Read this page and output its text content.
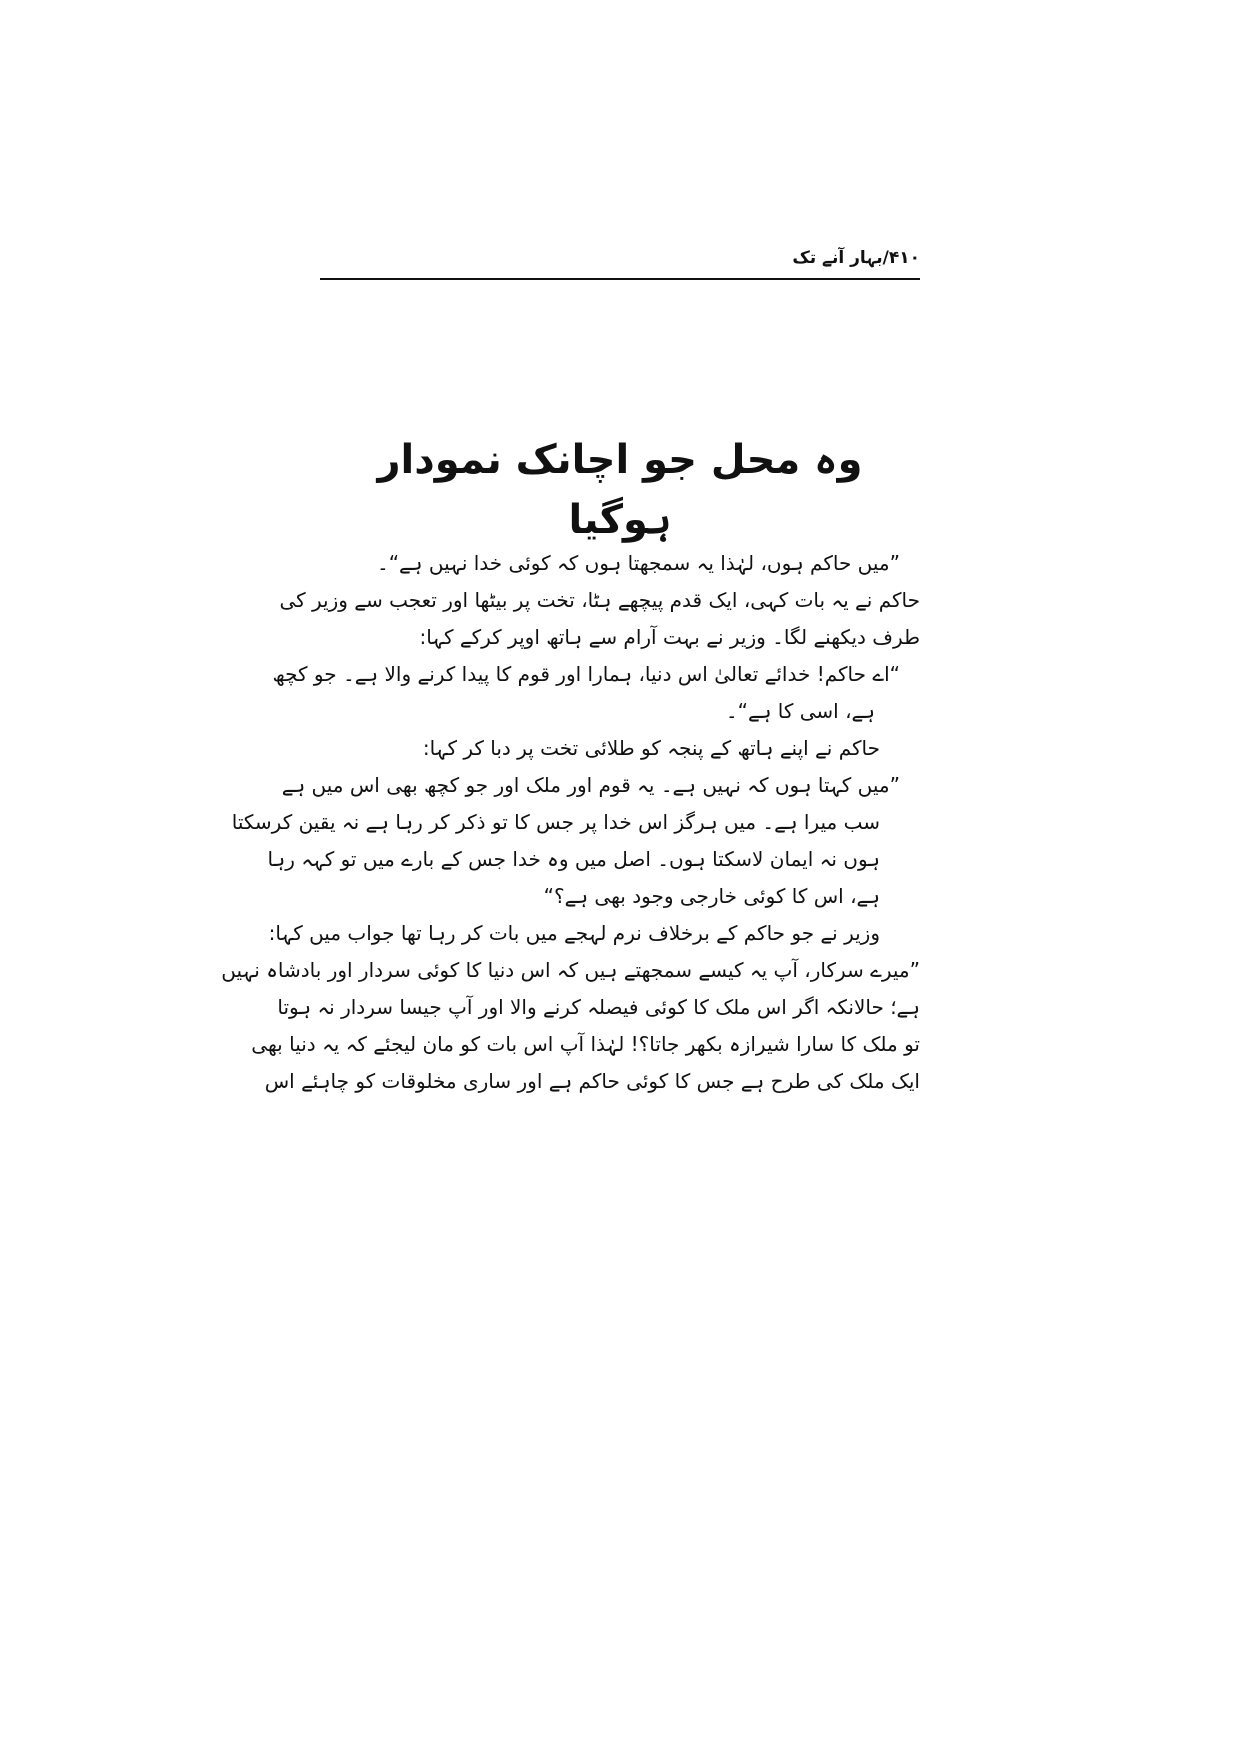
۴۱۰/بہار آنے تک
وہ محل جو اچانک نمودار ہوگیا
”میں حاکم ہوں، لہٰذا یہ سمجھتا ہوں کہ کوئی خدا نہیں ہے“۔
حاکم نے یہ بات کہی، ایک قدم پیچھے ہٹا، تخت پر بیٹھا اور تعجب سے وزیر کی
طرف دیکھنے لگا۔ وزیر نے بہت آرام سے ہاتھ اوپر کرکے کہا:
“اے حاکم! خدائے تعالیٰ اس دنیا، ہمارا اور قوم کا پیدا کرنے والا ہے۔ جو کچھ
ہے، اسی کا ہے“۔
حاکم نے اپنے ہاتھ کے پنجہ کو طلائی تخت پر دبا کر کہا:
”میں کہتا ہوں کہ نہیں ہے۔ یہ قوم اور ملک اور جو کچھ بھی اس میں ہے
سب میرا ہے۔ میں ہرگز اس خدا پر جس کا تو ذکر کر رہا ہے نہ یقین کرسکتا
ہوں نہ ایمان لاسکتا ہوں۔ اصل میں وہ خدا جس کے بارے میں تو کہہ رہا
ہے، اس کا کوئی خارجی وجود بھی ہے؟“
وزیر نے جو حاکم کے برخلاف نرم لہجے میں بات کر رہا تھا جواب میں کہا:
”میرے سرکار، آپ یہ کیسے سمجھتے ہیں کہ اس دنیا کا کوئی سردار اور بادشاہ نہیں
ہے؛ حالانکہ اگر اس ملک کا کوئی فیصلہ کرنے والا اور آپ جیسا سردار نہ ہوتا
تو ملک کا سارا شیرازہ بکھر جاتا؟! لہٰذا آپ اس بات کو مان لیجئے کہ یہ دنیا بھی
ایک ملک کی طرح ہے جس کا کوئی حاکم ہے اور ساری مخلوقات کو چاہئے اس
